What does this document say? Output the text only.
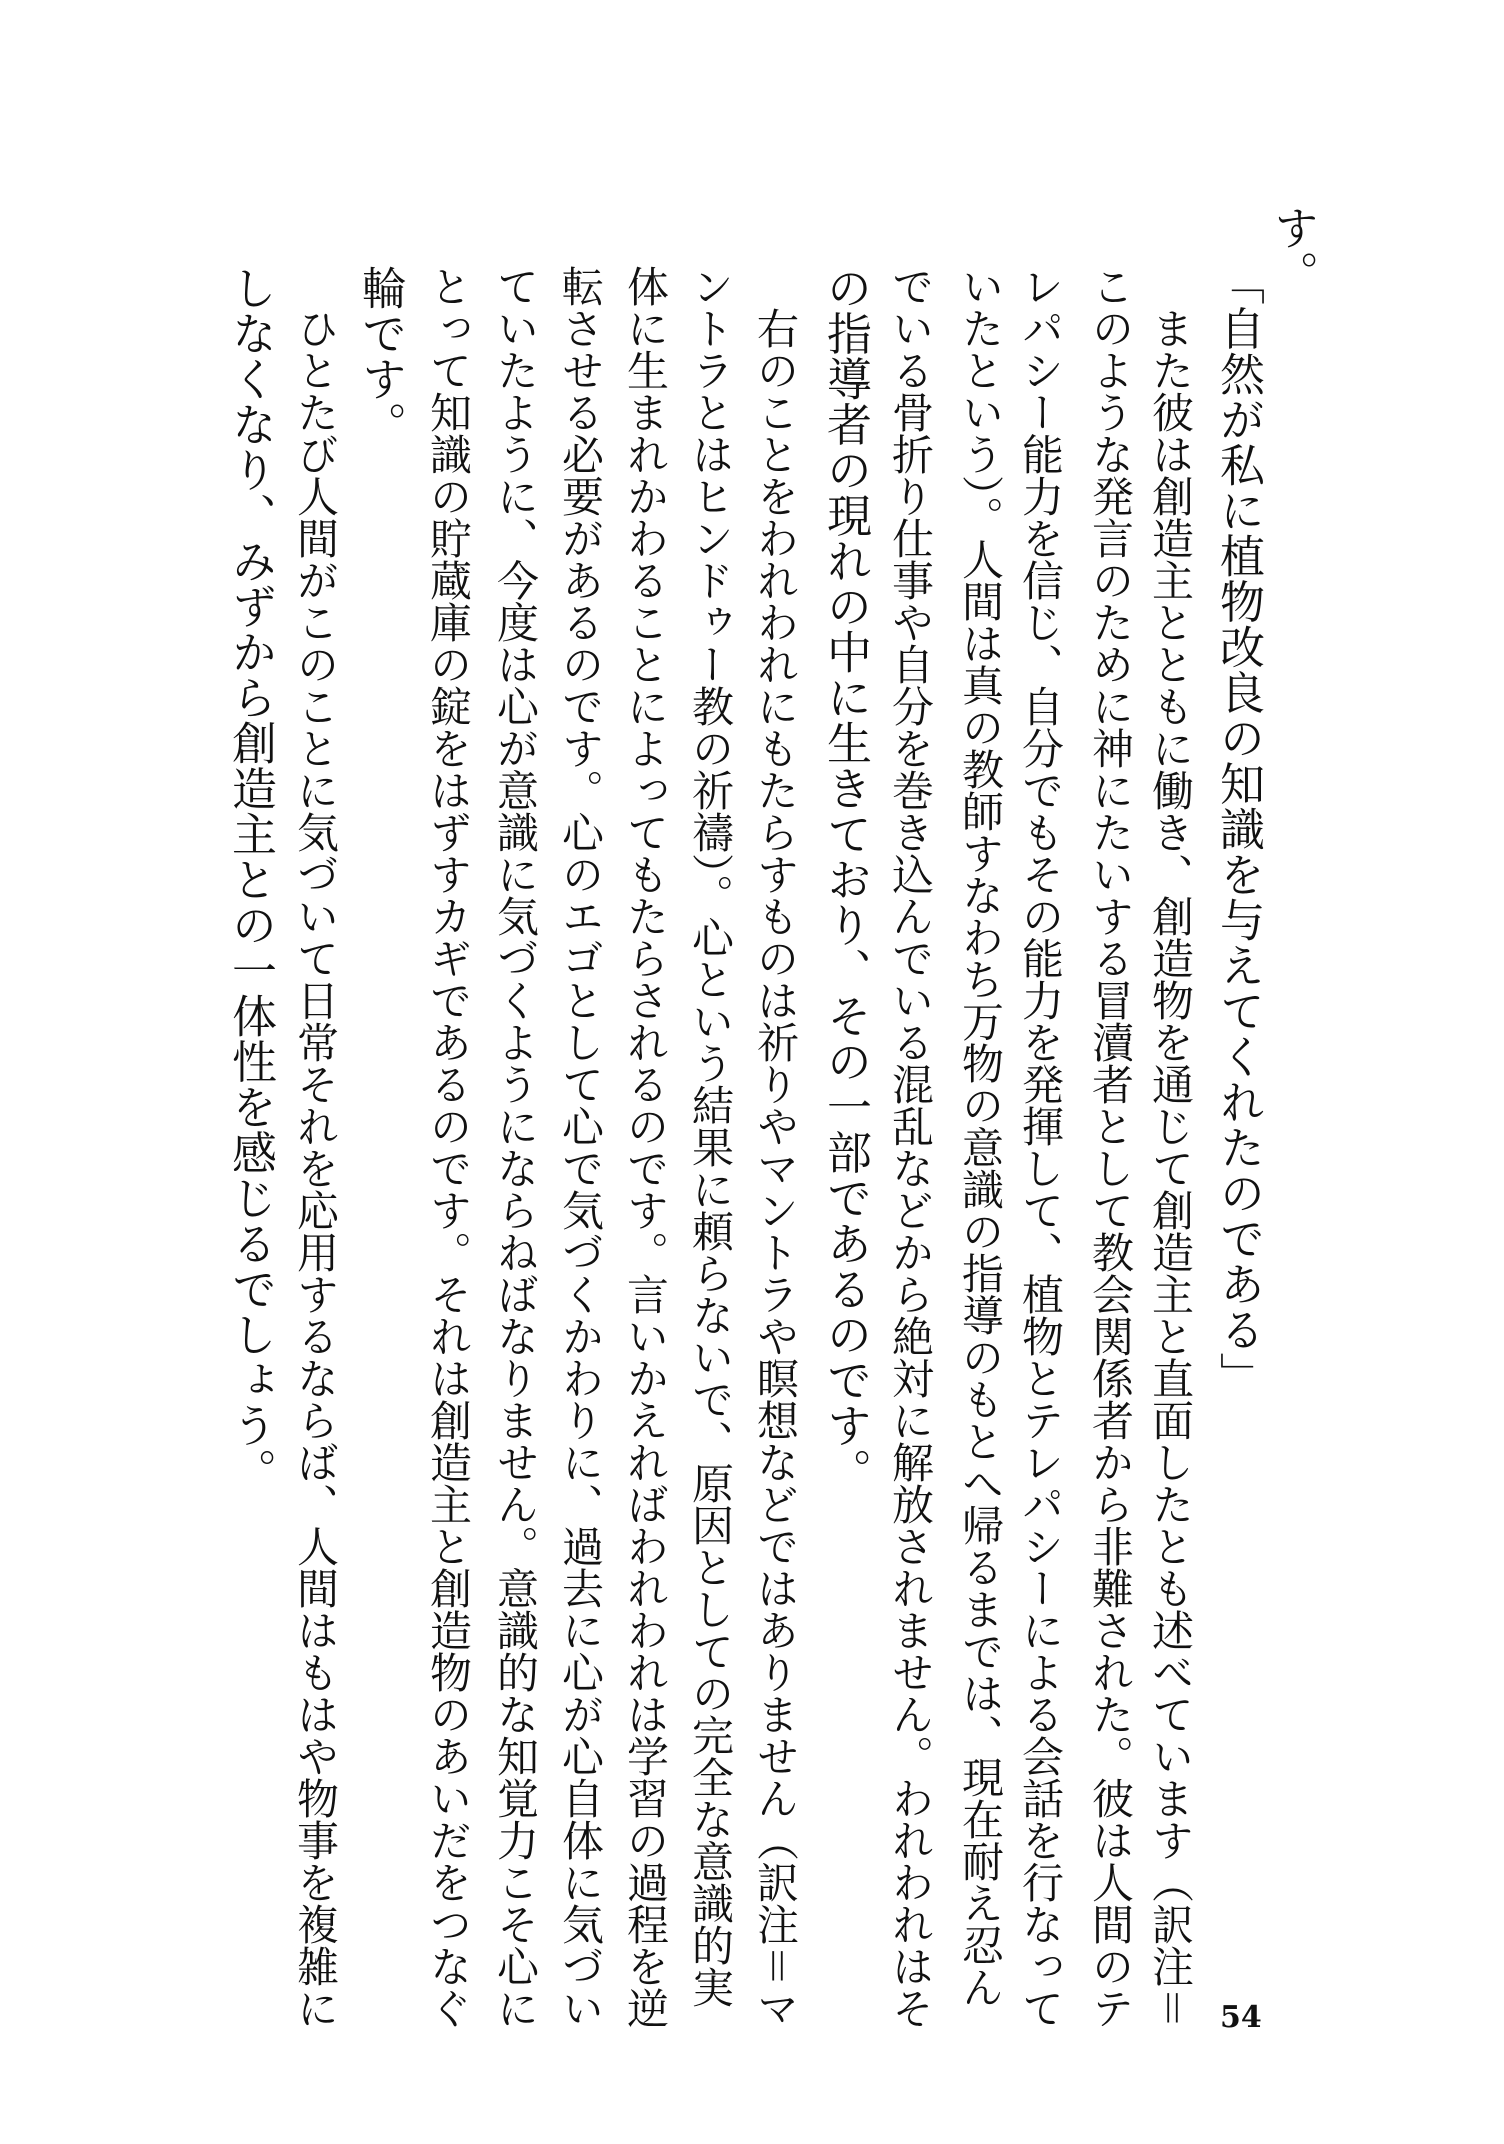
す。
「自然が私に植物改良の知識を与えてくれたのである」
　また彼は創造主とともに働き、創造物を通じて創造主と直面したとも述べています（訳注＝
このような発言のために神にたいする冒瀆者として教会関係者から非難された。彼は人間のテ
レパシー能力を信じ、自分でもその能力を発揮して、植物とテレパシーによる会話を行なって
いたという）。人間は真の教師すなわち万物の意識の指導のもとへ帰るまでは、現在耐え忍ん
でいる骨折り仕事や自分を巻き込んでいる混乱などから絶対に解放されません。われわれはそ
の指導者の現れの中に生きており、その一部であるのです。
　右のことをわれわれにもたらすものは祈りやマントラや瞑想などではありません（訳注＝マ
ントラとはヒンドゥー教の祈禱）。心という結果に頼らないで、原因としての完全な意識的実
体に生まれかわることによってもたらされるのです。言いかえればわれわれは学習の過程を逆
転させる必要があるのです。心のエゴとして心で気づくかわりに、過去に心が心自体に気づい
ていたように、今度は心が意識に気づくようにならねばなりません。意識的な知覚力こそ心に
とって知識の貯蔵庫の錠をはずすカギであるのです。それは創造主と創造物のあいだをつなぐ
輪です。
　ひとたび人間がこのことに気づいて日常それを応用するならば、人間はもはや物事を複雑に
しなくなり、みずから創造主との一体性を感じるでしょう。
54
